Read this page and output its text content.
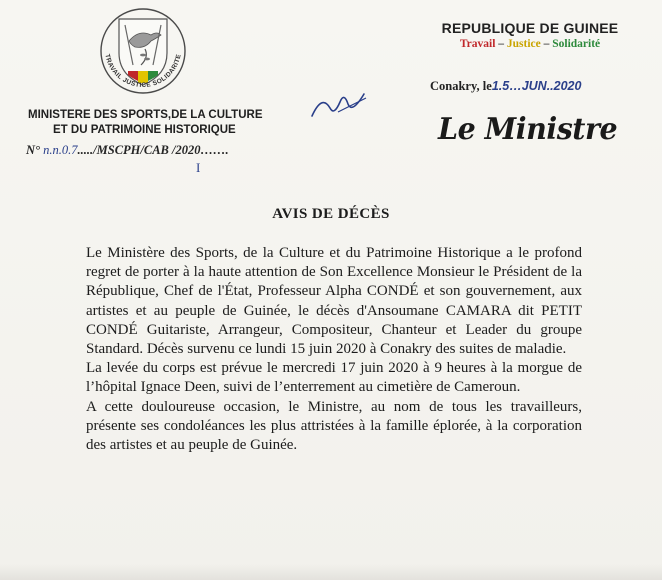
TRAVAIL JUSTICE SOLIDARITE
MINISTERE DES SPORTS,DE LA CULTURE
ET DU PATRIMOINE HISTORIQUE
N° n.n.0.7...../MSCPH/CAB /2020…….
I
REPUBLIQUE DE GUINEE
Travail – Justice – Solidarité
Conakry, le1.5…JUN..2020
Le Ministre
AVIS DE DÉCÈS

Le Ministère des Sports, de la Culture et du Patrimoine Historique a le profond regret de porter à la haute attention de Son Excellence Monsieur le Président de la République, Chef de l'État, Professeur Alpha CONDÉ et son gouvernement, aux artistes et au peuple de Guinée, le décès d'Ansoumane CAMARA dit PETIT CONDÉ Guitariste, Arrangeur, Compositeur, Chanteur et Leader du groupe Standard. Décès survenu ce lundi 15 juin 2020 à Conakry des suites de maladie.

La levée du corps est prévue le mercredi 17 juin 2020 à 9 heures à la morgue de l’hôpital Ignace Deen, suivi de l’enterrement au cimetière de Cameroun.

A cette douloureuse occasion, le Ministre, au nom de tous les travailleurs, présente ses condoléances les plus attristées à la famille éplorée, à la corporation des artistes et au peuple de Guinée.
